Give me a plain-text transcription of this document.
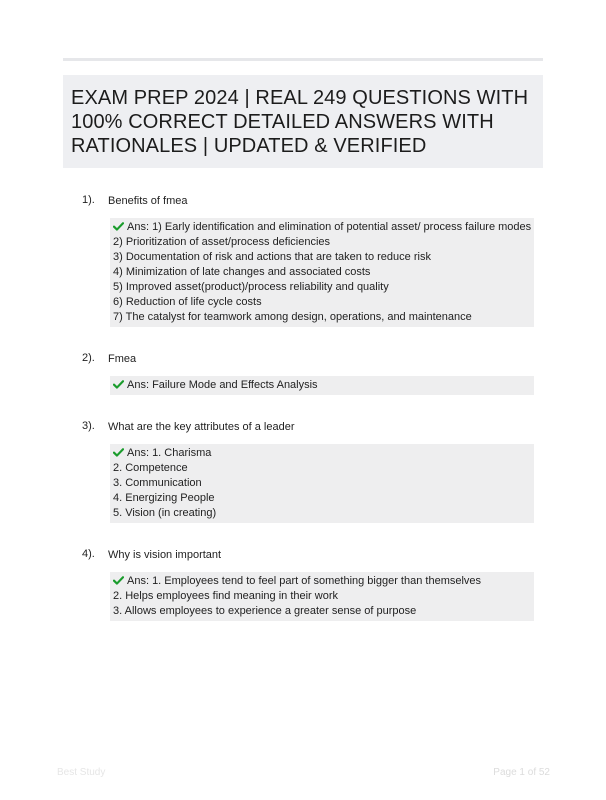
EXAM PREP 2024 | REAL 249 QUESTIONS WITH 100% CORRECT DETAILED ANSWERS WITH RATIONALES | UPDATED & VERIFIED
1). Benefits of fmea
Ans: 1) Early identification and elimination of potential asset/ process failure modes
2) Prioritization of asset/process deficiencies
3) Documentation of risk and actions that are taken to reduce risk
4) Minimization of late changes and associated costs
5) Improved asset(product)/process reliability and quality
6) Reduction of life cycle costs
7) The catalyst for teamwork among design, operations, and maintenance
2). Fmea
Ans: Failure Mode and Effects Analysis
3). What are the key attributes of a leader
Ans: 1. Charisma
2. Competence
3. Communication
4. Energizing People
5. Vision (in creating)
4). Why is vision important
Ans: 1. Employees tend to feel part of something bigger than themselves
2. Helps employees find meaning in their work
3. Allows employees to experience a greater sense of purpose
Best Study	Page 1 of 52
